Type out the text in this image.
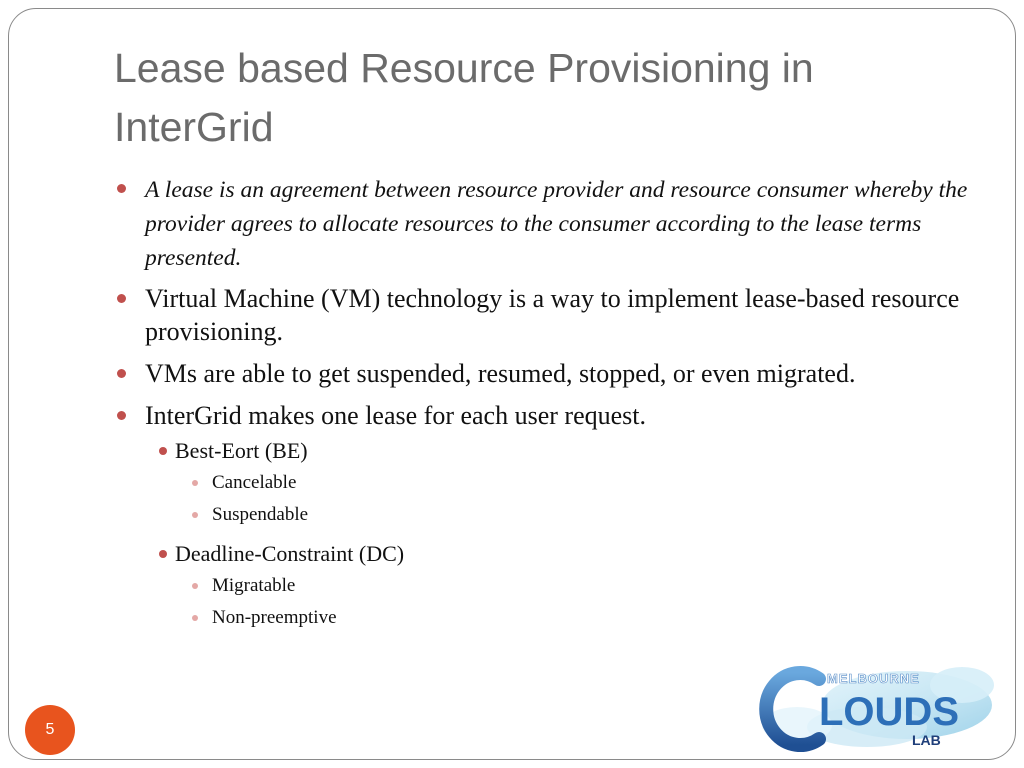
Lease based Resource Provisioning in InterGrid
A lease is an agreement between resource provider and resource consumer whereby the provider agrees to allocate resources to the consumer according to the lease terms presented.
Virtual Machine (VM) technology is a way to implement lease-based resource provisioning.
VMs are able to get suspended, resumed, stopped, or even migrated.
InterGrid makes one lease for each user request.
Best-Eort (BE)
Cancelable
Suspendable
Deadline-Constraint (DC)
Migratable
Non-preemptive
5
MELBOURNE
LOUDS
LAB
